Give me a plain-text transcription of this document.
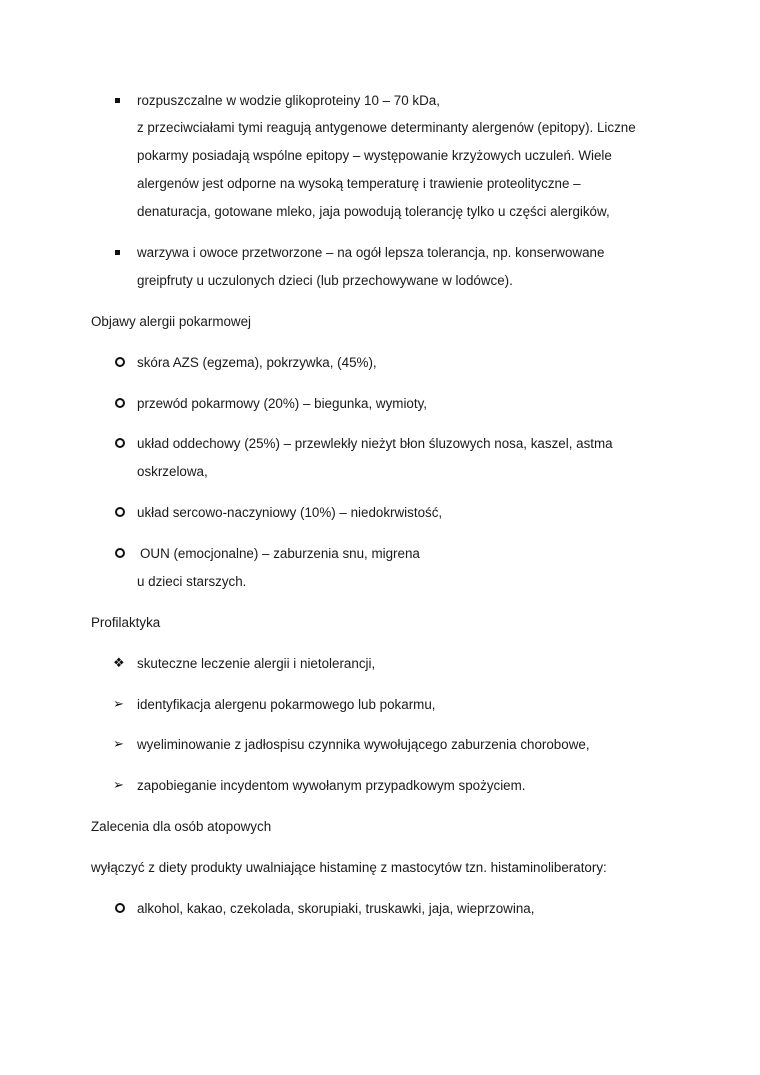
rozpuszczalne w wodzie glikoproteiny 10 – 70 kDa,
z przeciwciałami tymi reagują antygenowe determinanty alergenów (epitopy). Liczne
pokarmy posiadają wspólne epitopy – występowanie krzyżowych uczuleń. Wiele
alergenów jest odporne na wysoką temperaturę i trawienie proteolityczne –
denaturacja, gotowane mleko, jaja powodują tolerancję tylko u części alergików,
warzywa i owoce przetworzone – na ogół lepsza tolerancja, np. konserwowane
greipfruty u uczulonych dzieci (lub przechowywane w lodówce).
Objawy alergii pokarmowej
skóra AZS (egzema), pokrzywka, (45%),
przewód pokarmowy (20%) – biegunka, wymioty,
układ oddechowy (25%) – przewlekły nieżyt błon śluzowych nosa, kaszel, astma
oskrzelowa,
układ sercowo-naczyniowy (10%) – niedokrwistość,
OUN (emocjonalne) – zaburzenia snu, migrena
u dzieci starszych.
Profilaktyka
❖ skuteczne leczenie alergii i nietolerancji,
➢ identyfikacja alergenu pokarmowego lub pokarmu,
➢ wyeliminowanie z jadłospisu czynnika wywołującego zaburzenia chorobowe,
➢ zapobieganie incydentom wywołanym przypadkowym spożyciem.
Zalecenia dla osób atopowych
wyłączyć z diety produkty uwalniające histaminę z mastocytów tzn. histaminoliberatory:
alkohol, kakao, czekolada, skorupiaki, truskawki, jaja, wieprzowina,
